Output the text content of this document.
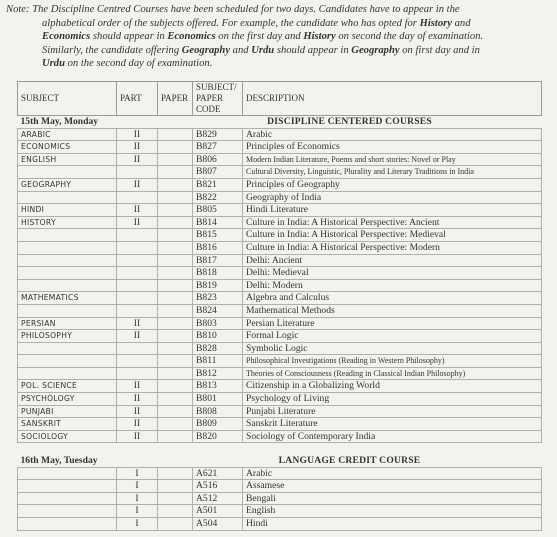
Note: The Discipline Centred Courses have been scheduled for two days. Candidates have to appear in the
alphabetical order of the subjects offered. For example, the candidate who has opted for History and
Economics should appear in Economics on the first day and History on second the day of examination.
Similarly, the candidate offering Geography and Urdu should appear in Geography on first day and in
Urdu on the second day of examination.
SUBJECT	PART	PAPER	SUBJECT/ PAPER CODE	DESCRIPTION
15th May, Monday		DISCIPLINE CENTERED COURSES		
ARABIC	II		B829	Arabic
ECONOMICS	II		B827	Principles of Economics
ENGLISH	II		B806	Modern Indian Literature, Poems and short stories: Novel or Play
			B807	Cultural Diversity, Linguistic, Plurality and Literary Traditions in India
GEOGRAPHY	II		B821	Principles of Geography
			B822	Geography of India
HINDI	II		B805	Hindi Literature
HISTORY	II		B814	Culture in India: A Historical Perspective: Ancient
			B815	Culture in India: A Historical Perspective: Medieval
			B816	Culture in India: A Historical Perspective: Modern
			B817	Delhi: Ancient
			B818	Delhi: Medieval
			B819	Delhi: Modern
MATHEMATICS			B823	Algebra and Calculus
			B824	Mathematical Methods
PERSIAN	II		B803	Persian Literature
PHILOSOPHY	II		B810	Formal Logic
			B828	Symbolic Logic
			B811	Philosophical Investigations (Reading in Western Philosophy)
			B812	Theories of Consciousness (Reading in Classical Indian Philosophy)
POL. SCIENCE	II		B813	Citizenship in a Globalizing World
PSYCHOLOGY	II		B801	Psychology of Living
PUNJABI	II		B808	Punjabi Literature
SANSKRIT	II		B809	Sanskrit Literature
SOCIOLOGY	II		B820	Sociology of Contemporary India

16th May, Tuesday		LANGUAGE CREDIT COURSE		
	I		A621	Arabic
	I		A516	Assamese
	I		A512	Bengali
	I		A501	English
	I		A504	Hindi
